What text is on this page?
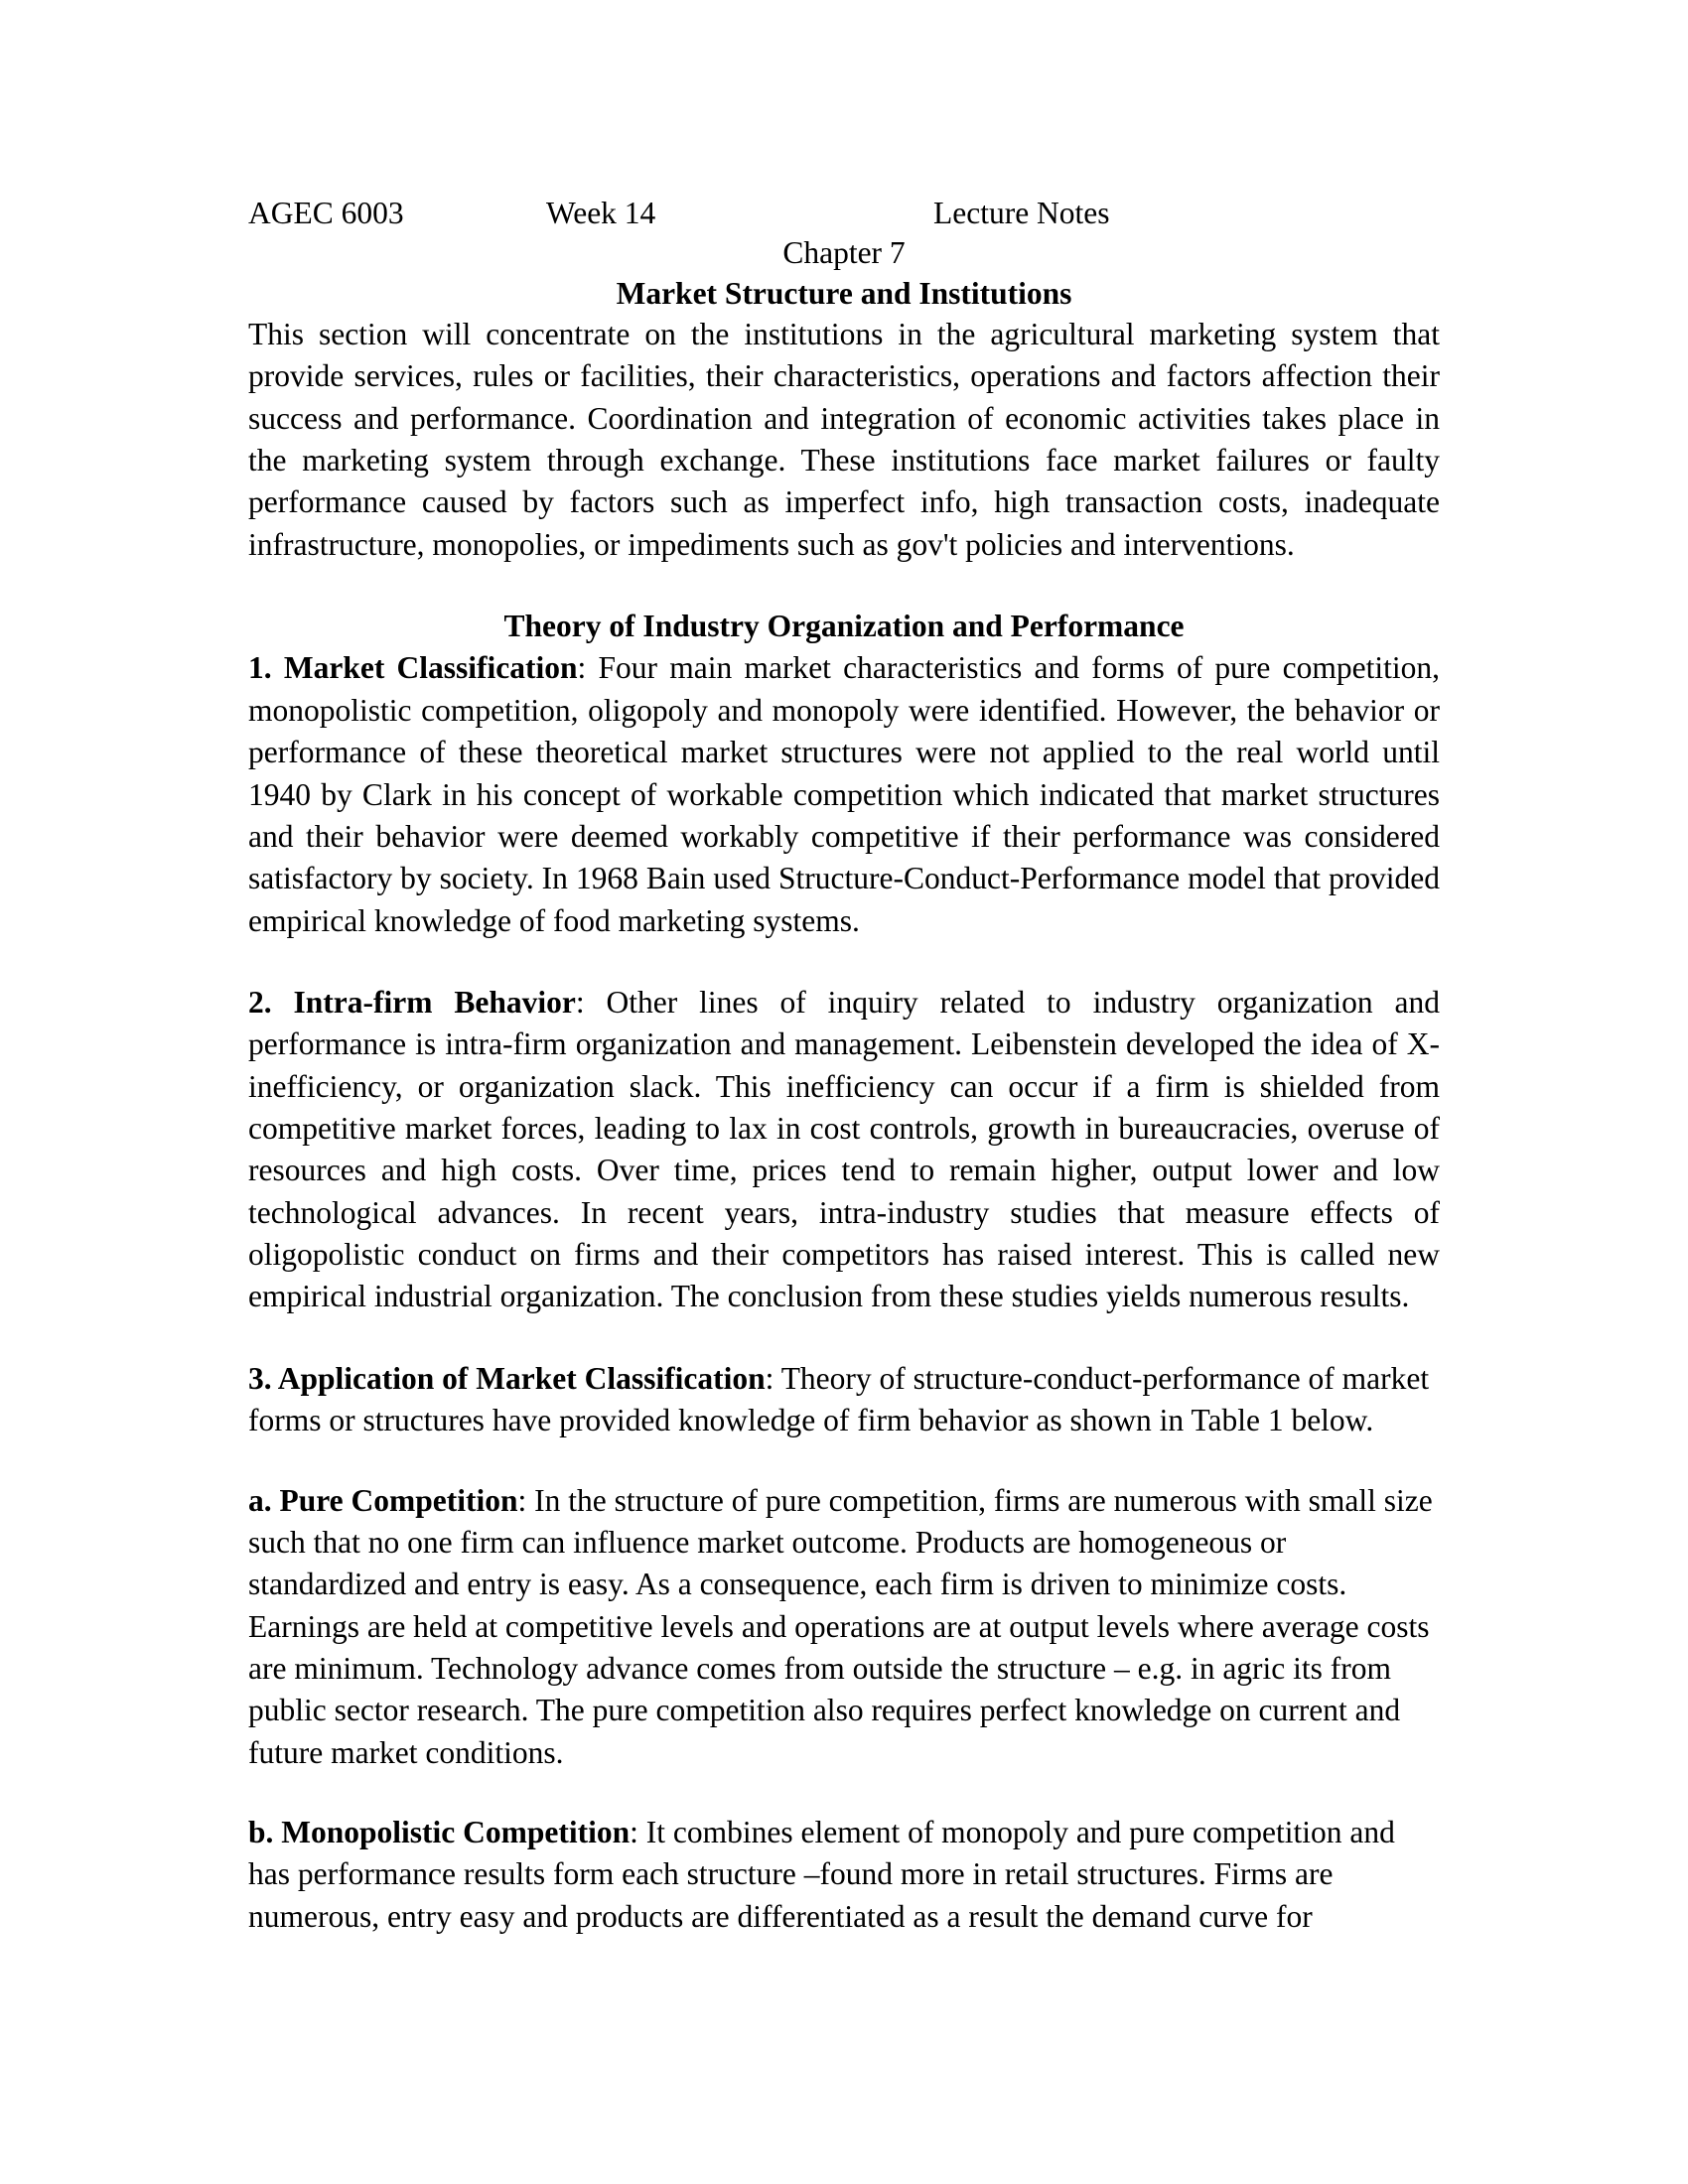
AGEC 6003	Week 14	Lecture Notes
Chapter 7
Market Structure and Institutions

This section will concentrate on the institutions in the agricultural marketing system that provide services, rules or facilities, their characteristics, operations and factors affection their success and performance. Coordination and integration of economic activities takes place in the marketing system through exchange. These institutions face market failures or faulty performance caused by factors such as imperfect info, high transaction costs, inadequate infrastructure, monopolies, or impediments such as gov't policies and interventions.

Theory of Industry Organization and Performance

1. Market Classification: Four main market characteristics and forms of pure competition, monopolistic competition, oligopoly and monopoly were identified. However, the behavior or performance of these theoretical market structures were not applied to the real world until 1940 by Clark in his concept of workable competition which indicated that market structures and their behavior were deemed workably competitive if their performance was considered satisfactory by society. In 1968 Bain used Structure-Conduct-Performance model that provided empirical knowledge of food marketing systems.

2. Intra-firm Behavior: Other lines of inquiry related to industry organization and performance is intra-firm organization and management. Leibenstein developed the idea of X-inefficiency, or organization slack. This inefficiency can occur if a firm is shielded from competitive market forces, leading to lax in cost controls, growth in bureaucracies, overuse of resources and high costs. Over time, prices tend to remain higher, output lower and low technological advances. In recent years, intra-industry studies that measure effects of oligopolistic conduct on firms and their competitors has raised interest. This is called new empirical industrial organization. The conclusion from these studies yields numerous results.

3. Application of Market Classification: Theory of structure-conduct-performance of market forms or structures have provided knowledge of firm behavior as shown in Table 1 below.

a. Pure Competition: In the structure of pure competition, firms are numerous with small size such that no one firm can influence market outcome. Products are homogeneous or standardized and entry is easy. As a consequence, each firm is driven to minimize costs. Earnings are held at competitive levels and operations are at output levels where average costs are minimum. Technology advance comes from outside the structure – e.g. in agric its from public sector research. The pure competition also requires perfect knowledge on current and future market conditions.

b. Monopolistic Competition: It combines element of monopoly and pure competition and has performance results form each structure –found more in retail structures. Firms are numerous, entry easy and products are differentiated as a result the demand curve for
